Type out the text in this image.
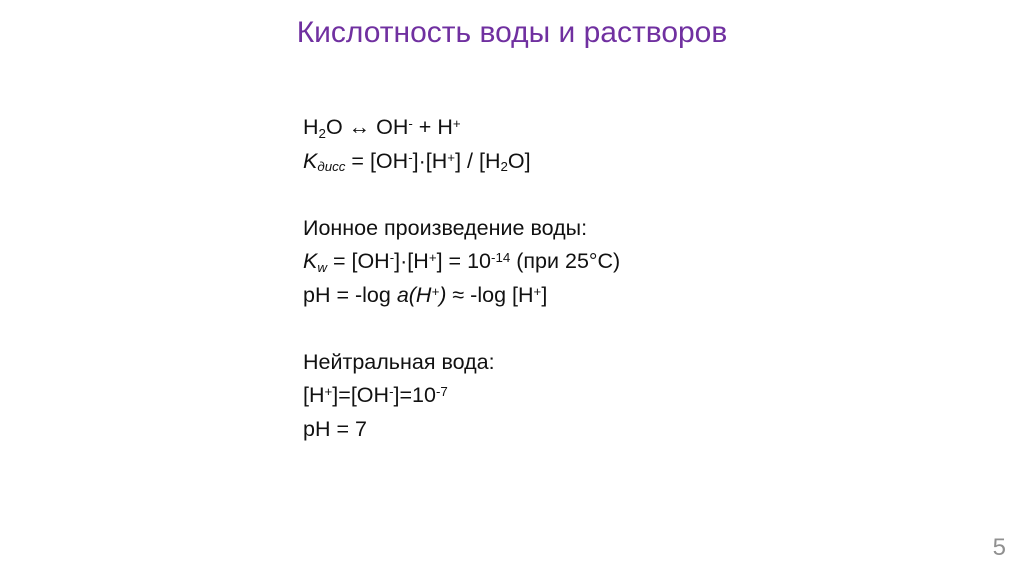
Кислотность воды и растворов
$H_2O$ ↔ OH- + H+
$K_{дисс} = [OH^-]\cdot[H^+] / [H_2O]$
Ионное произведение воды:
$K_w = [OH^-]\cdot[H^+] = 10^{-14}$ (при 25°C)
pH = -log a(H+) ≈ -log [H+]
Нейтральная вода:
$[H^+]=[OH^-]=10^{-7}$
pH = 7
5
